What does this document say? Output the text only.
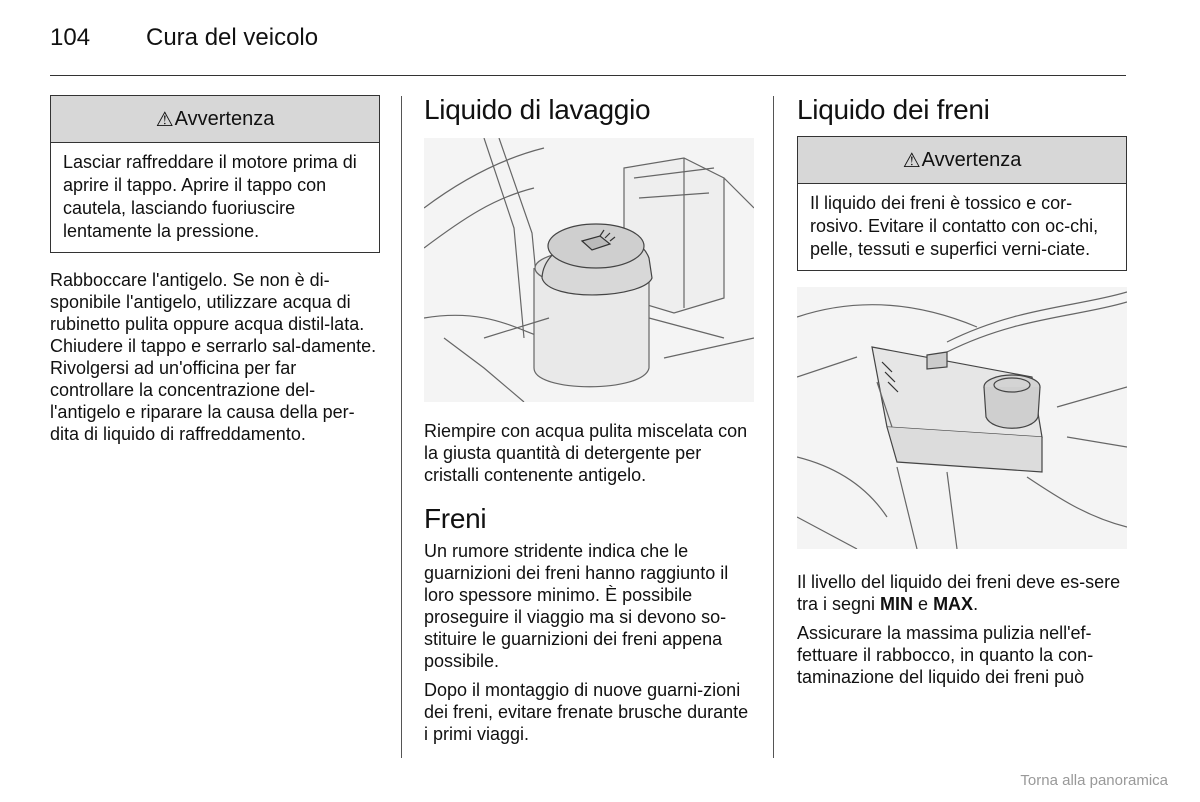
104 Cura del veicolo
⚠ Avvertenza
Lasciar raffreddare il motore prima di aprire il tappo. Aprire il tappo con cautela, lasciando fuoriuscire lentamente la pressione.

Rabboccare l'antigelo. Se non è di-sponibile l'antigelo, utilizzare acqua di rubinetto pulita oppure acqua distil-lata. Chiudere il tappo e serrarlo sal-damente. Rivolgersi ad un'officina per far controllare la concentrazione del-l'antigelo e riparare la causa della per-dita di liquido di raffreddamento.

Liquido di lavaggio

Riempire con acqua pulita miscelata con la giusta quantità di detergente per cristalli contenente antigelo.

Freni

Un rumore stridente indica che le guarnizioni dei freni hanno raggiunto il loro spessore minimo. È possibile proseguire il viaggio ma si devono so-stituire le guarnizioni dei freni appena possibile.

Dopo il montaggio di nuove guarni-zioni dei freni, evitare frenate brusche durante i primi viaggi.

Liquido dei freni
⚠ Avvertenza
Il liquido dei freni è tossico e cor-rosivo. Evitare il contatto con oc-chi, pelle, tessuti e superfici verni-ciate.

Il livello del liquido dei freni deve es-sere tra i segni MIN e MAX.

Assicurare la massima pulizia nell'ef-fettuare il rabbocco, in quanto la con-taminazione del liquido dei freni può

Torna alla panoramica
